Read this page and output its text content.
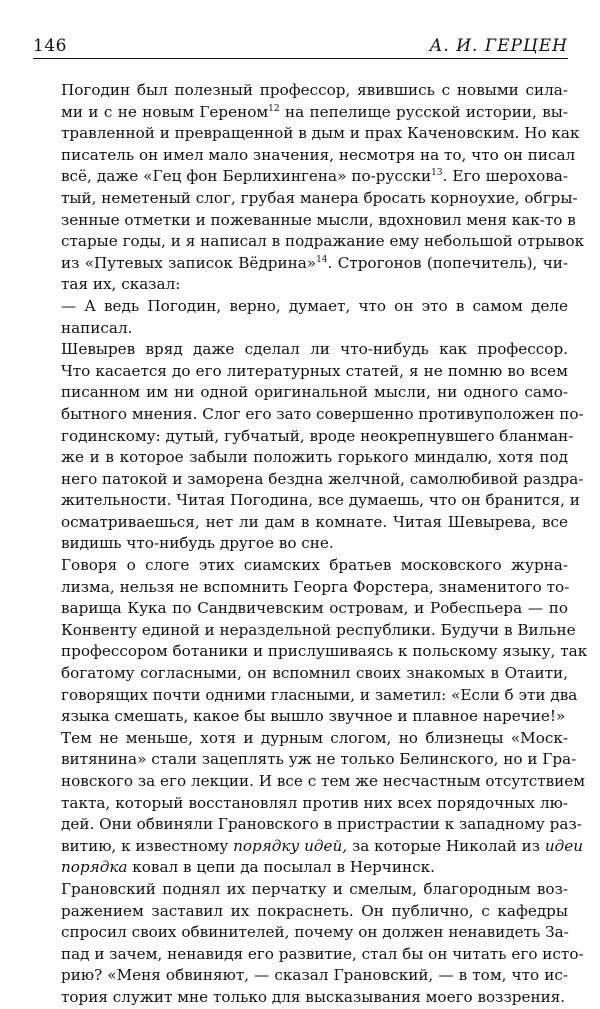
146	А. И. ГЕРЦЕН

Погодин был полезный профессор, явившись с новыми сила-
ми и с не новым Гереном$^{12}$ на пепелище русской истории, вы-
травленной и превращенной в дым и прах Каченовским. Но как
писатель он имел мало значения, несмотря на то, что он писал
всё, даже «Гец фон Берлихингена» по-русски$^{13}$. Его шероховa-
тый, неметеный слог, грубая манера бросать корноухие, обгры-
зенные отметки и пожеванные мысли, вдохновил меня как-то в
старые годы, и я написал в подражание ему небольшой отрывок
из «Путевых записок Вëдрина»$^{14}$. Строгонов (попечитель), чи-
тая их, сказал:

— А ведь Погодин, верно, думает, что он это в самом деле
написал.

Шевырев вряд даже сделал ли что-нибудь как профессор.
Что касается до его литературных статей, я не помню во всем
писанном им ни одной оригинальной мысли, ни одного само-
бытного мнения. Слог его зато совершенно противуположен по-
годинскому: дутый, губчатый, вроде неокрепнувшего бланман-
же и в которое забыли положить горького миндалю, хотя под
него патокой и заморена бездна желчной, самолюбивой раздра-
жительности. Читая Погодина, все думаешь, что он бранится, и
осматриваешься, нет ли дам в комнате. Читая Шевырева, все
видишь что-нибудь другое во сне.

Говоря о слоге этих сиамских братьев московского журна-
лизма, нельзя не вспомнить Георга Форстера, знаменитого то-
варища Кука по Сандвичевским островам, и Робеспьера — по
Конвенту единой и нераздельной республики. Будучи в Вильне
профессором ботаники и прислушиваясь к польскому языку, так
богатому согласными, он вспомнил своих знакомых в Отаити,
говорящих почти одними гласными, и заметил: «Если б эти два
языка смешать, какое бы вышло звучное и плавное наречие!»

Тем не меньше, хотя и дурным слогом, но близнецы «Моск-
витянина» стали зацеплять уж не только Белинского, но и Гра-
новского за его лекции. И все с тем же несчастным отсутствием
такта, который восстановлял против них всех порядочных лю-
дей. Они обвиняли Грановского в пристрастии к западному раз-
витию, к известному порядку идей, за которые Николай из идеи
порядка ковал в цепи да посылал в Нерчинск.

Грановский поднял их перчатку и смелым, благородным воз-
ражением заставил их покраснеть. Он публично, с кафедры
спросил своих обвинителей, почему он должен ненавидеть За-
пад и зачем, ненавидя его развитие, стал бы он читать его исто-
рию? «Меня обвиняют, — сказал Грановский, — в том, что ис-
тория служит мне только для высказывания моего воззрения.
